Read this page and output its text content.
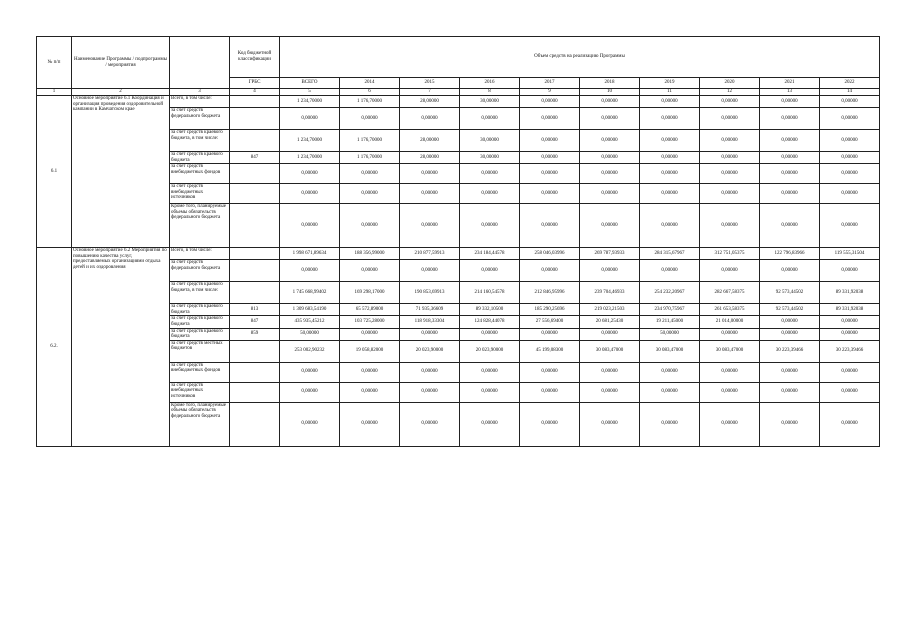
№ п/п	Наименование Программы / подпрограммы / мероприятия		Код бюджетной классификации	Объем средств на реализацию Программы									
			ГРБС	ВСЕГО	2014	2015	2016	2017	2018	2019	2020	2021	2022
1	2	3	4	5	6	7	8	9	10	11	12	13	14
6.1	Основное мероприятие 6.1 Координация и организация проведения оздоровительной кампании в Камчатском крае	Всего, в том числе:		1 234,70000	1 176,70000	28,00000	30,00000	0,00000	0,00000	0,00000	0,00000	0,00000	0,00000
		за счет средств федерального бюджета		0,00000	0,00000	0,00000	0,00000	0,00000	0,00000	0,00000	0,00000	0,00000	0,00000
		за счет средств краевого бюджета, в том числе:		1 234,70000	1 176,70000	28,00000	30,00000	0,00000	0,00000	0,00000	0,00000	0,00000	0,00000
		за счет средств краевого бюджета	847	1 234,70000	1 176,70000	28,00000	30,00000	0,00000	0,00000	0,00000	0,00000	0,00000	0,00000
		за счет средств внебюджетных фондов		0,00000	0,00000	0,00000	0,00000	0,00000	0,00000	0,00000	0,00000	0,00000	0,00000
		за счет средств внебюджетных источников		0,00000	0,00000	0,00000	0,00000	0,00000	0,00000	0,00000	0,00000	0,00000	0,00000
		Кроме того, планируемые объемы обязательств федерального бюджета		0,00000	0,00000	0,00000	0,00000	0,00000	0,00000	0,00000	0,00000	0,00000	0,00000
6.2.	Основное мероприятие 6.2 Мероприятия по повышению качества услуг, предоставляемых организациями отдыха детей и их оздоровления	Всего, в том числе:		1 998 671,89634	188 356,99000	210 877,59913	234 184,44578	258 046,03996	269 787,93933	284 315,67967	312 751,05375	122 796,83966	119 555,31504
		за счет средств федерального бюджета		0,00000	0,00000	0,00000	0,00000	0,00000	0,00000	0,00000	0,00000	0,00000	0,00000
		за счет средств краевого бюджета, в том числе:		1 745 668,99402	169 298,17000	190 853,69913	214 160,54578	212 846,95996	239 704,46933	254 232,20967	282 667,58375	92 573,44502	89 331,92038
		за счет средств краевого бюджета	813	1 309 683,54190	65 572,89000	71 935,36609	89 332,10500	185 290,25696	219 023,21503	234 970,75967	261 653,58375	92 573,44502	89 331,92038
		за счет средств краевого бюджета	847	435 935,45212	103 725,28000	118 918,33304	124 828,44078	27 556,69400	20 681,25430	19 211,45000	21 014,00000	0,00000	0,00000
		за счет средств краевого бюджета	859	50,00000	0,00000	0,00000	0,00000	0,00000	0,00000	50,00000	0,00000	0,00000	0,00000
		за счет средств местных бюджетов		253 002,90232	19 058,82000	20 023,90000	20 023,90000	45 199,08300	30 083,47000	30 083,47000	30 083,47000	30 223,39466	30 223,39466
		за счет средств внебюджетных фондов		0,00000	0,00000	0,00000	0,00000	0,00000	0,00000	0,00000	0,00000	0,00000	0,00000
		за счет средств внебюджетных источников		0,00000	0,00000	0,00000	0,00000	0,00000	0,00000	0,00000	0,00000	0,00000	0,00000
		Кроме того, планируемые объемы обязательств федерального бюджета		0,00000	0,00000	0,00000	0,00000	0,00000	0,00000	0,00000	0,00000	0,00000	0,00000
